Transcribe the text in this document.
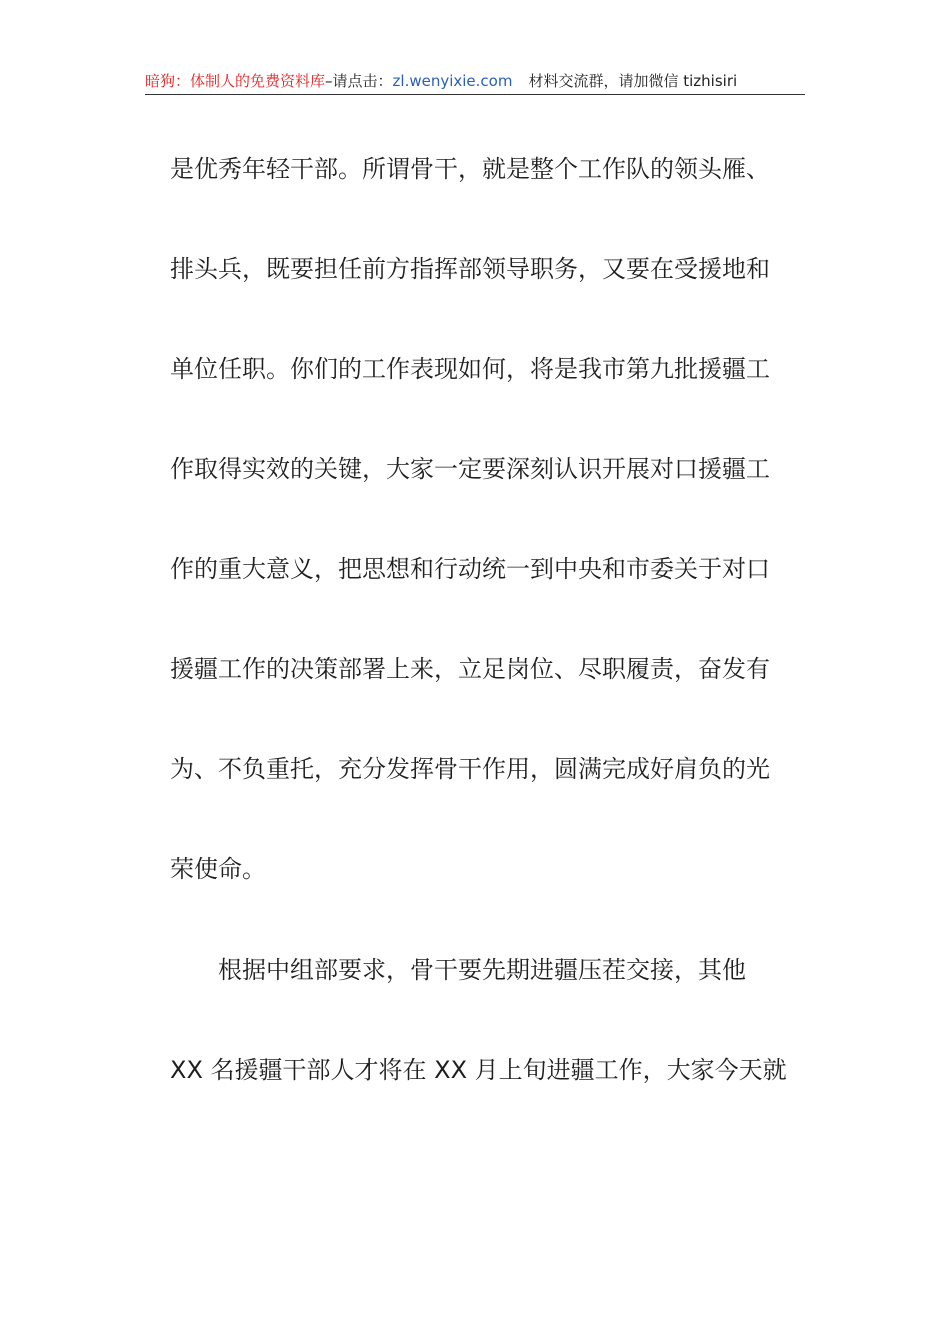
暗狗：体制人的免费资料库–请点击：zl.wenyixie.com 材料交流群，请加微信 tizhisiri
是优秀年轻干部。所谓骨干，就是整个工作队的领头雁、
排头兵，既要担任前方指挥部领导职务，又要在受援地和
单位任职。你们的工作表现如何，将是我市第九批援疆工
作取得实效的关键，大家一定要深刻认识开展对口援疆工
作的重大意义，把思想和行动统一到中央和市委关于对口
援疆工作的决策部署上来，立足岗位、尽职履责，奋发有
为、不负重托，充分发挥骨干作用，圆满完成好肩负的光
荣使命。
根据中组部要求，骨干要先期进疆压茬交接，其他
XX 名援疆干部人才将在 XX 月上旬进疆工作，大家今天就
